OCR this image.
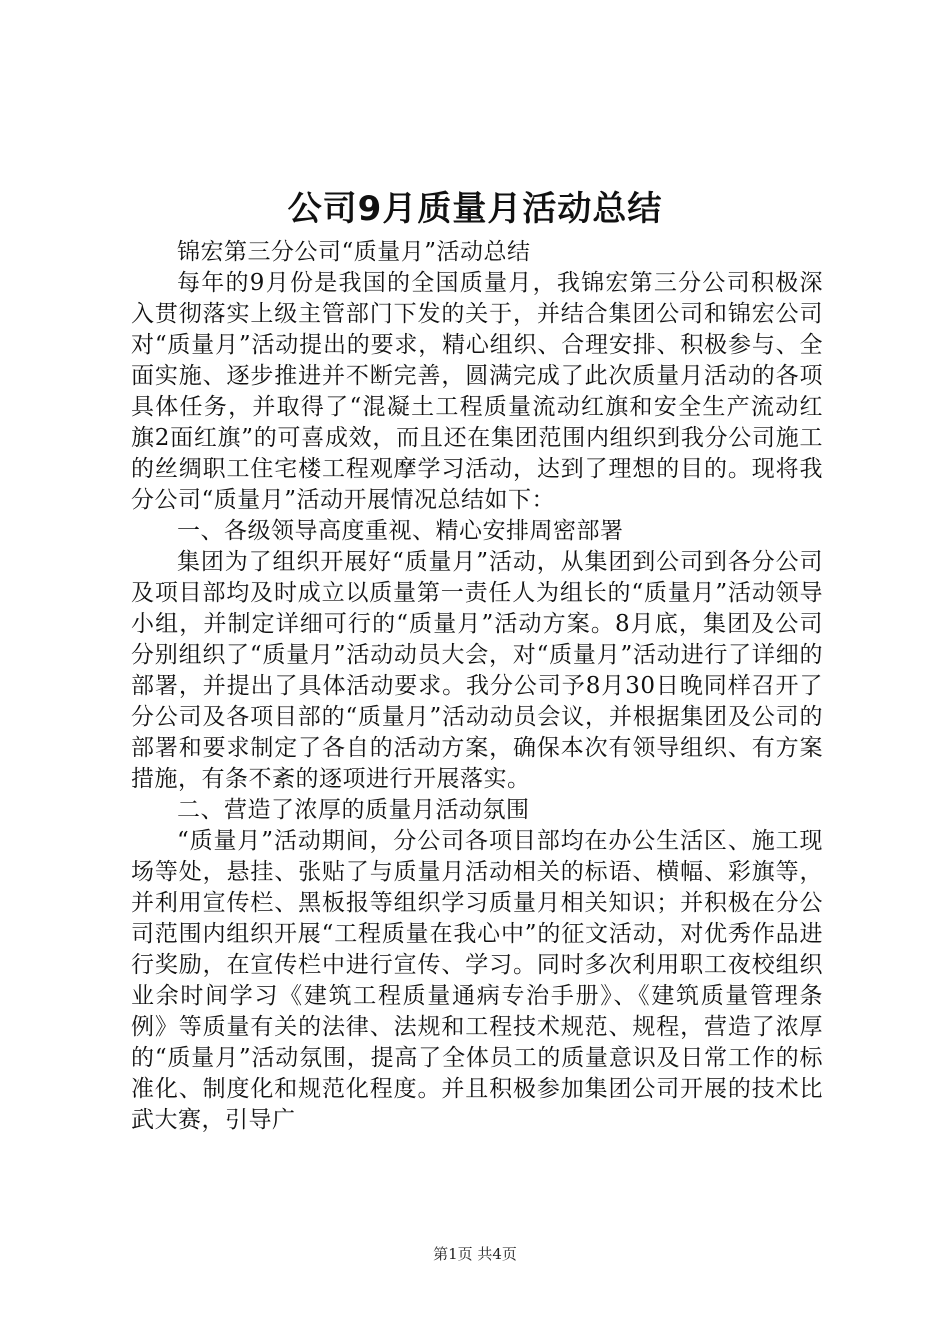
公司9月质量月活动总结

锦宏第三分公司“质量月”活动总结

每年的9月份是我国的全国质量月，我锦宏第三分公司积极深入贯彻落实上级主管部门下发的关于，并结合集团公司和锦宏公司对“质量月”活动提出的要求，精心组织、合理安排、积极参与、全面实施、逐步推进并不断完善，圆满完成了此次质量月活动的各项具体任务，并取得了“混凝土工程质量流动红旗和安全生产流动红旗2面红旗”的可喜成效，而且还在集团范围内组织到我分公司施工的丝绸职工住宅楼工程观摩学习活动，达到了理想的目的。现将我分公司“质量月”活动开展情况总结如下：

一、各级领导高度重视、精心安排周密部署

集团为了组织开展好“质量月”活动，从集团到公司到各分公司及项目部均及时成立以质量第一责任人为组长的“质量月”活动领导小组，并制定详细可行的“质量月”活动方案。8月底，集团及公司分别组织了“质量月”活动动员大会，对“质量月”活动进行了详细的部署，并提出了具体活动要求。我分公司予8月30日晚同样召开了分公司及各项目部的“质量月”活动动员会议，并根据集团及公司的部署和要求制定了各自的活动方案，确保本次有领导组织、有方案措施，有条不紊的逐项进行开展落实。

二、营造了浓厚的质量月活动氛围

“质量月”活动期间，分公司各项目部均在办公生活区、施工现场等处，悬挂、张贴了与质量月活动相关的标语、横幅、彩旗等，并利用宣传栏、黑板报等组织学习质量月相关知识；并积极在分公司范围内组织开展“工程质量在我心中”的征文活动，对优秀作品进行奖励，在宣传栏中进行宣传、学习。同时多次利用职工夜校组织业余时间学习《建筑工程质量通病专治手册》、《建筑质量管理条例》等质量有关的法律、法规和工程技术规范、规程，营造了浓厚的“质量月”活动氛围，提高了全体员工的质量意识及日常工作的标准化、制度化和规范化程度。并且积极参加集团公司开展的技术比武大赛，引导广

第1页 共4页
